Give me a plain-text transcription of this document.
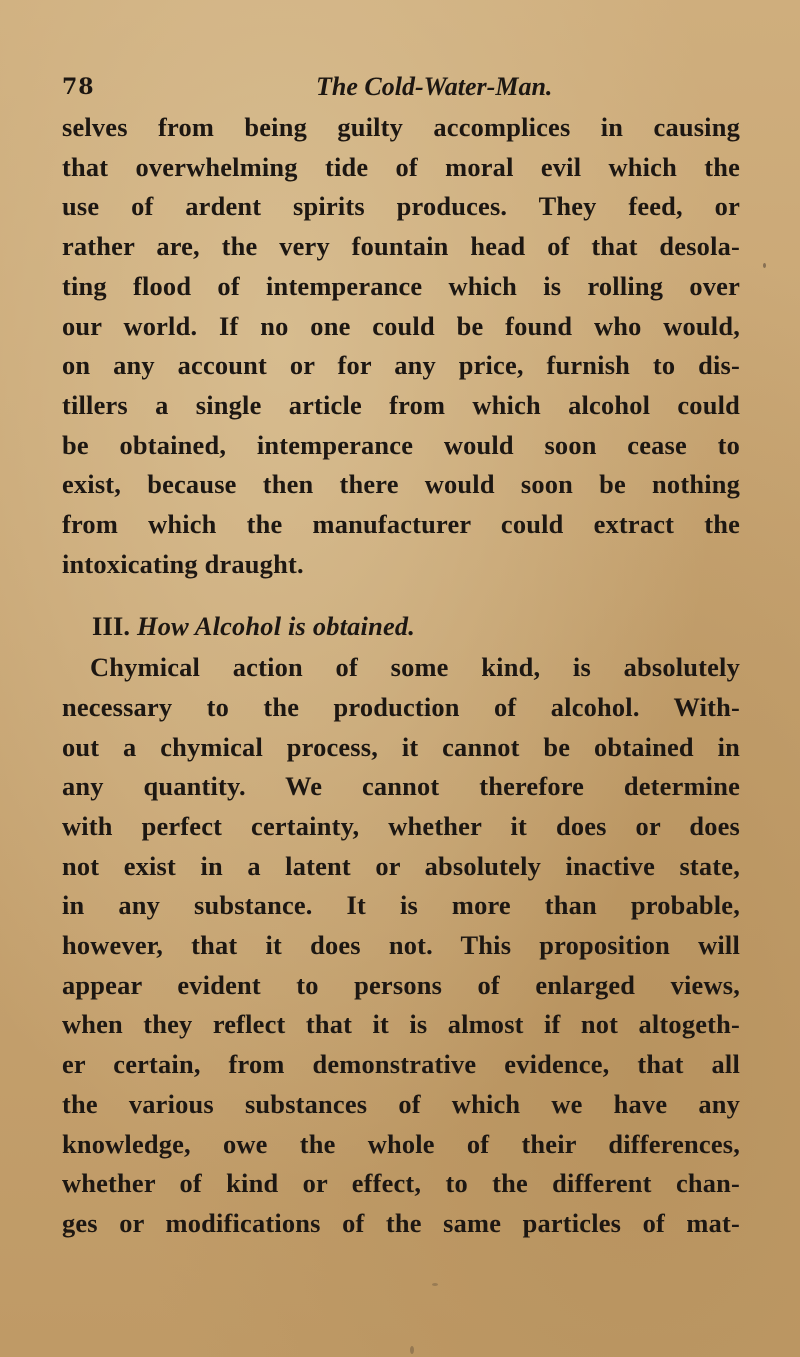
78	The Cold-Water-Man.
selves from being guilty accomplices in causing
that overwhelming tide of moral evil which the
use of ardent spirits produces. They feed, or
rather are, the very fountain head of that desola-
ting flood of intemperance which is rolling over
our world. If no one could be found who would,
on any account or for any price, furnish to dis-
tillers a single article from which alcohol could
be obtained, intemperance would soon cease to
exist, because then there would soon be nothing
from which the manufacturer could extract the
intoxicating draught.
III. How Alcohol is obtained.
Chymical action of some kind, is absolutely
necessary to the production of alcohol. With-
out a chymical process, it cannot be obtained in
any quantity. We cannot therefore determine
with perfect certainty, whether it does or does
not exist in a latent or absolutely inactive state,
in any substance. It is more than probable,
however, that it does not. This proposition will
appear evident to persons of enlarged views,
when they reflect that it is almost if not altogeth-
er certain, from demonstrative evidence, that all
the various substances of which we have any
knowledge, owe the whole of their differences,
whether of kind or effect, to the different chan-
ges or modifications of the same particles of mat-
